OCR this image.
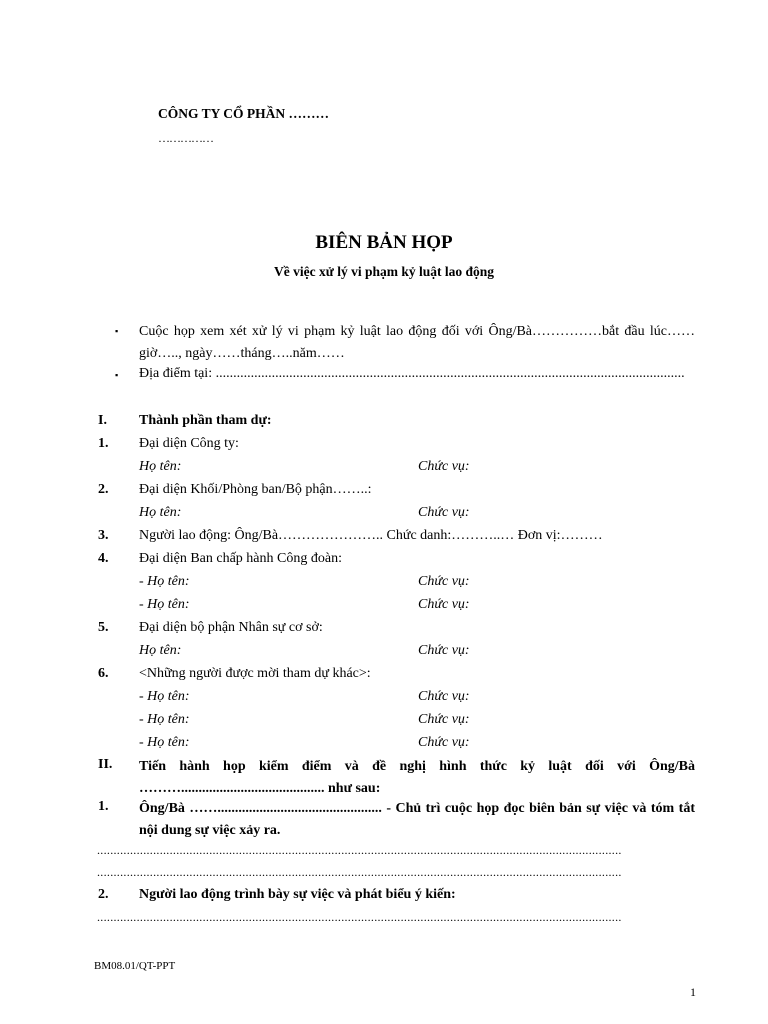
CÔNG TY CỔ PHẦN ………
……………
BIÊN BẢN HỌP
Về việc xử lý vi phạm kỷ luật lao động
▪ Cuộc họp xem xét xử lý vi phạm kỷ luật lao động đối với Ông/Bà……………bắt đầu lúc……giờ….., ngày……tháng…..năm……
▪ Địa điểm tại: ......................................................................................................................................
I. Thành phần tham dự:
1. Đại diện Công ty:
Họ tên:	Chức vụ:
2. Đại diện Khối/Phòng ban/Bộ phận……..:
Họ tên:	Chức vụ:
3. Người lao động: Ông/Bà………………….. Chức danh:………..… Đơn vị:………
4. Đại diện Ban chấp hành Công đoàn:
- Họ tên:	Chức vụ:
- Họ tên:	Chức vụ:
5. Đại diện bộ phận Nhân sự cơ sở:
Họ tên:	Chức vụ:
6. <Những người được mời tham dự khác>:
- Họ tên:	Chức vụ:
- Họ tên:	Chức vụ:
- Họ tên:	Chức vụ:
II. Tiến hành họp kiểm điểm và đề nghị hình thức kỷ luật đối với Ông/Bà ………......................................... như sau:
1. Ông/Bà ……............................................... - Chủ trì cuộc họp đọc biên bản sự việc và tóm tắt nội dung sự việc xảy ra.
...............................................................................................................................................................
...............................................................................................................................................................
2. Người lao động trình bày sự việc và phát biểu ý kiến:
...............................................................................................................................................................
BM08.01/QT-PPT
1
